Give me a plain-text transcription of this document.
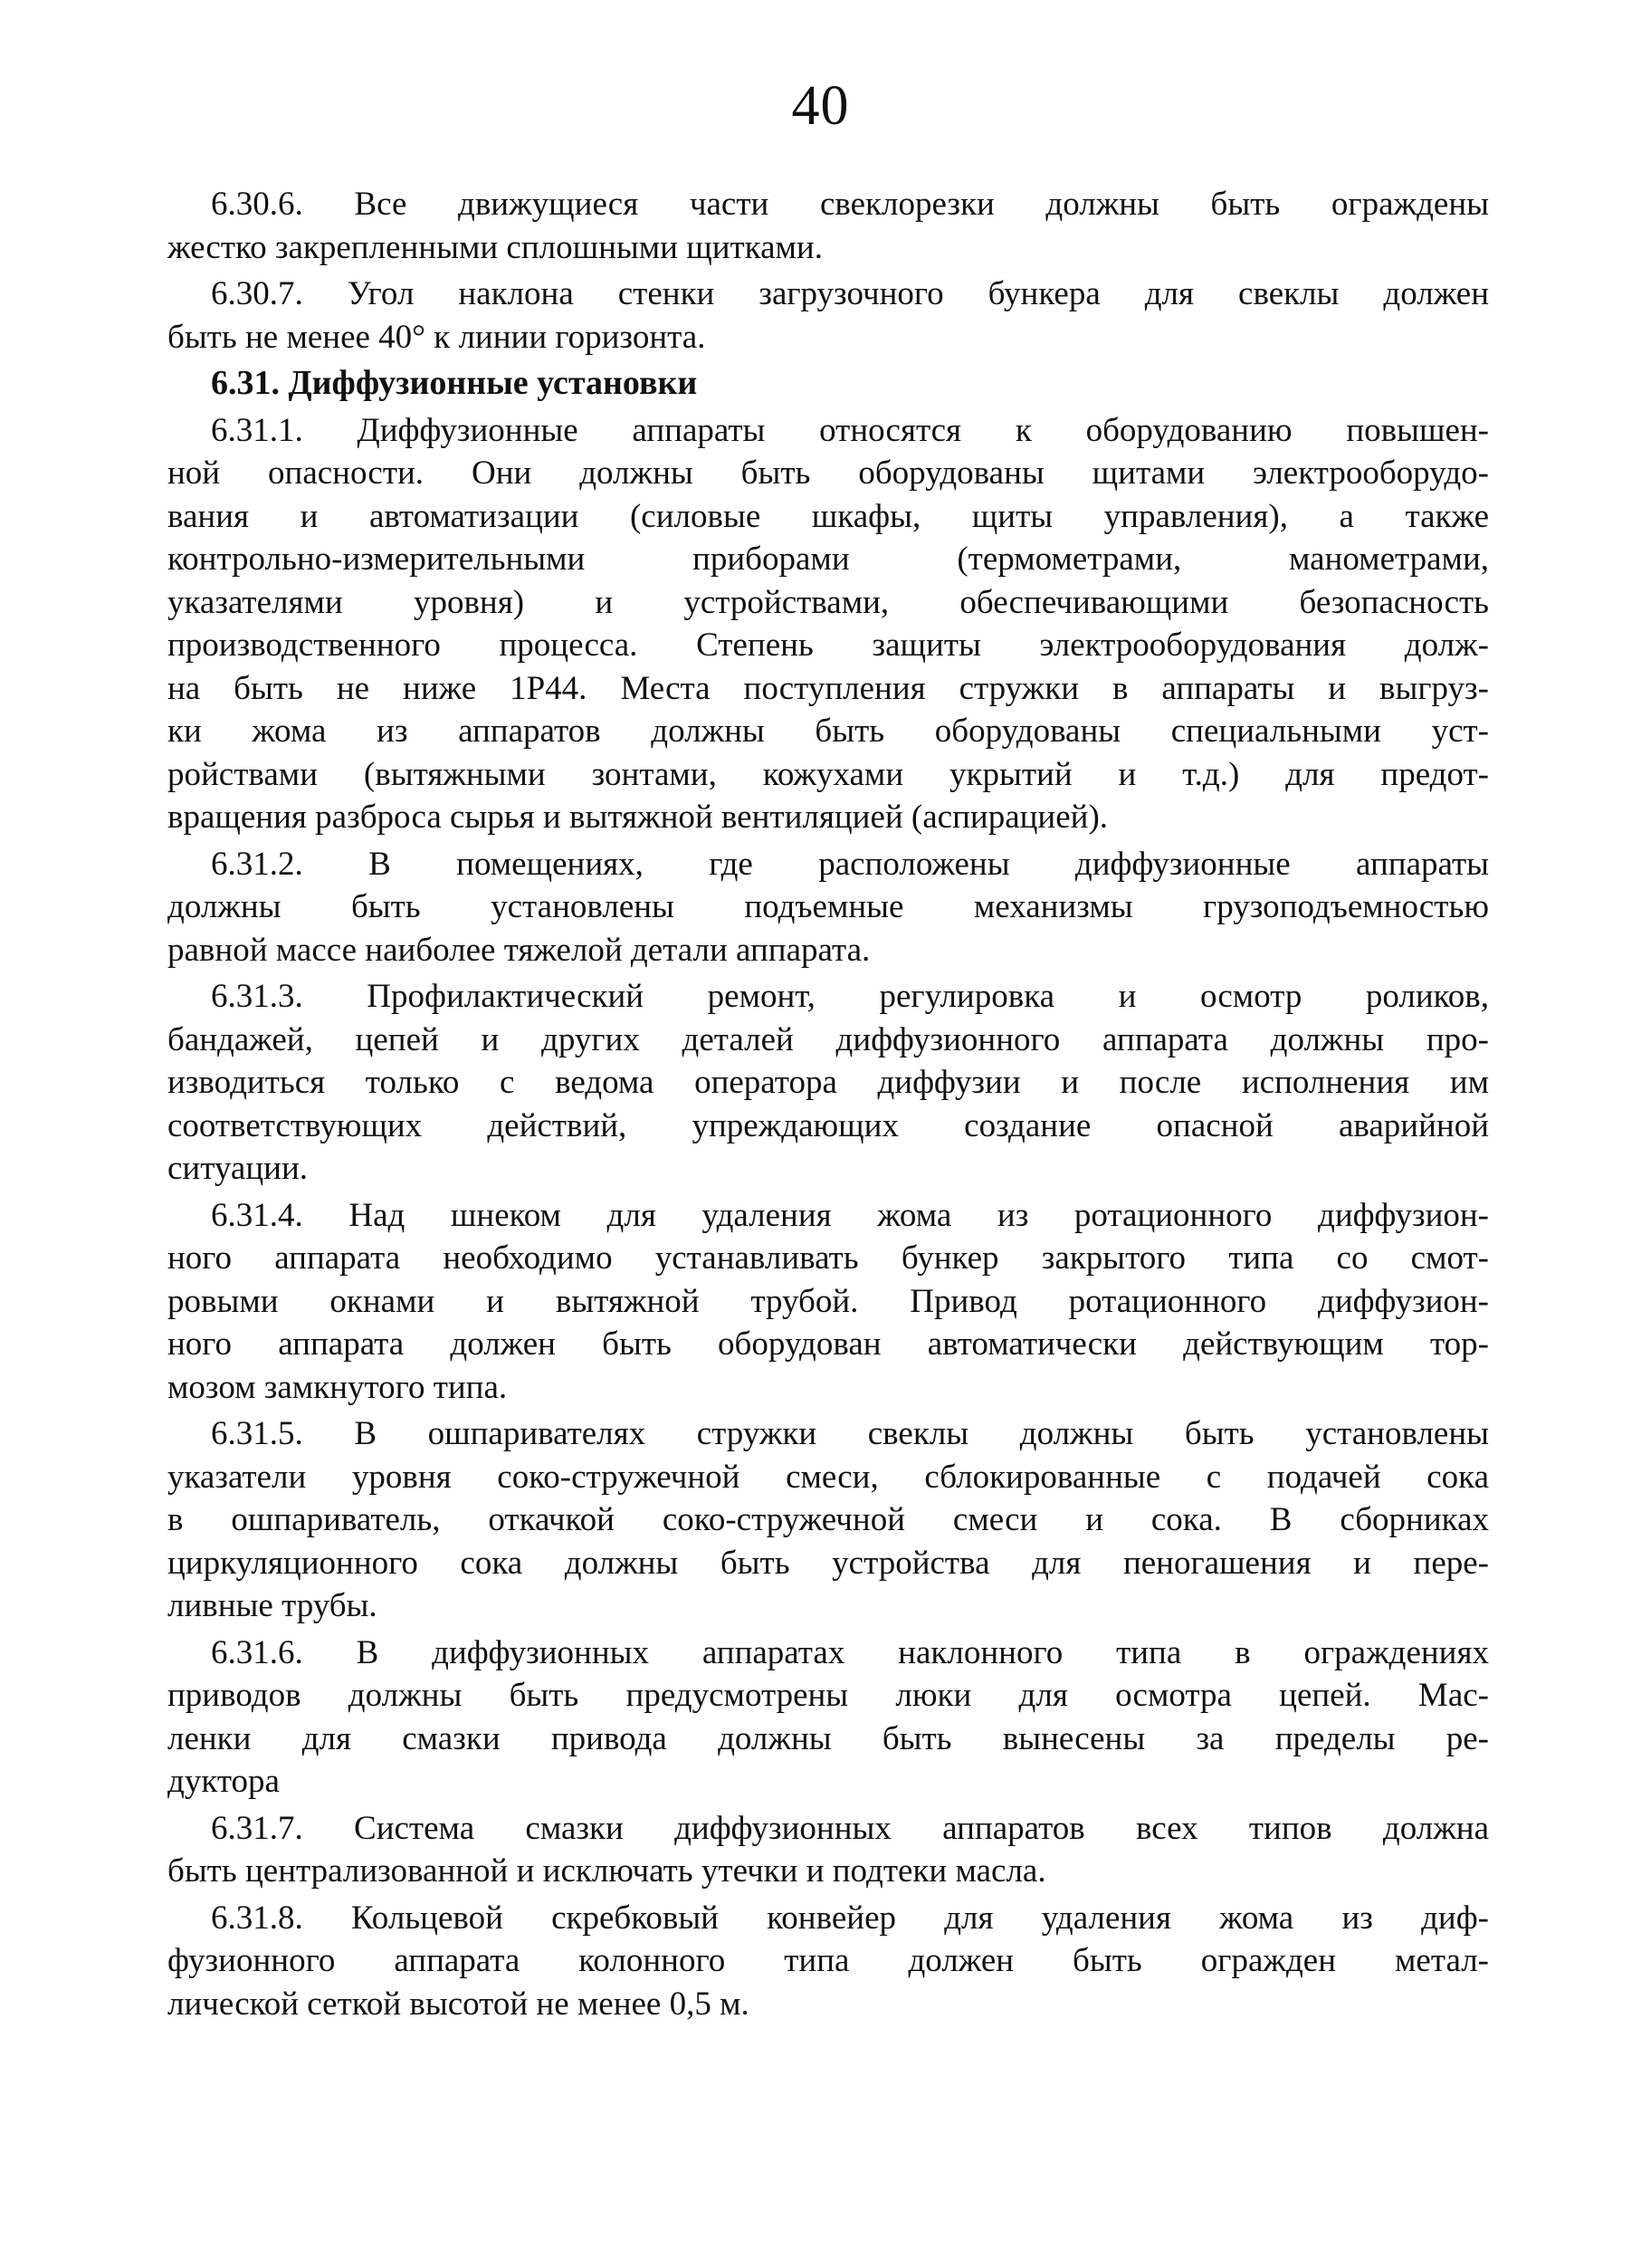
40
6.30.6. Все движущиеся части свеклорезки должны быть ограждены
жестко закрепленными сплошными щитками.
6.30.7. Угол наклона стенки загрузочного бункера для свеклы должен
быть не менее 40° к линии горизонта.
6.31. Диффузионные установки
6.31.1. Диффузионные аппараты относятся к оборудованию повышен-
ной опасности. Они должны быть оборудованы щитами электрооборудо-
вания и автоматизации (силовые шкафы, щиты управления), а также
контрольно-измерительными приборами (термометрами, манометрами,
указателями уровня) и устройствами, обеспечивающими безопасность
производственного процесса. Степень защиты электрооборудования долж-
на быть не ниже 1Р44. Места поступления стружки в аппараты и выгруз-
ки жома из аппаратов должны быть оборудованы специальными уст-
ройствами (вытяжными зонтами, кожухами укрытий и т.д.) для предот-
вращения разброса сырья и вытяжной вентиляцией (аспирацией).
6.31.2. В помещениях, где расположены диффузионные аппараты
должны быть установлены подъемные механизмы грузоподъемностью
равной массе наиболее тяжелой детали аппарата.
6.31.3. Профилактический ремонт, регулировка и осмотр роликов,
бандажей, цепей и других деталей диффузионного аппарата должны про-
изводиться только с ведома оператора диффузии и после исполнения им
соответствующих действий, упреждающих создание опасной аварийной
ситуации.
6.31.4. Над шнеком для удаления жома из ротационного диффузион-
ного аппарата необходимо устанавливать бункер закрытого типа со смот-
ровыми окнами и вытяжной трубой. Привод ротационного диффузион-
ного аппарата должен быть оборудован автоматически действующим тор-
мозом замкнутого типа.
6.31.5. В ошпаривателях стружки свеклы должны быть установлены
указатели уровня соко-стружечной смеси, сблокированные с подачей сока
в ошпариватель, откачкой соко-стружечной смеси и сока. В сборниках
циркуляционного сока должны быть устройства для пеногашения и пере-
ливные трубы.
6.31.6. В диффузионных аппаратах наклонного типа в ограждениях
приводов должны быть предусмотрены люки для осмотра цепей. Мас-
ленки для смазки привода должны быть вынесены за пределы ре-
дуктора
6.31.7. Система смазки диффузионных аппаратов всех типов должна
быть централизованной и исключать утечки и подтеки масла.
6.31.8. Кольцевой скребковый конвейер для удаления жома из диф-
фузионного аппарата колонного типа должен быть огражден метал-
лической сеткой высотой не менее 0,5 м.
